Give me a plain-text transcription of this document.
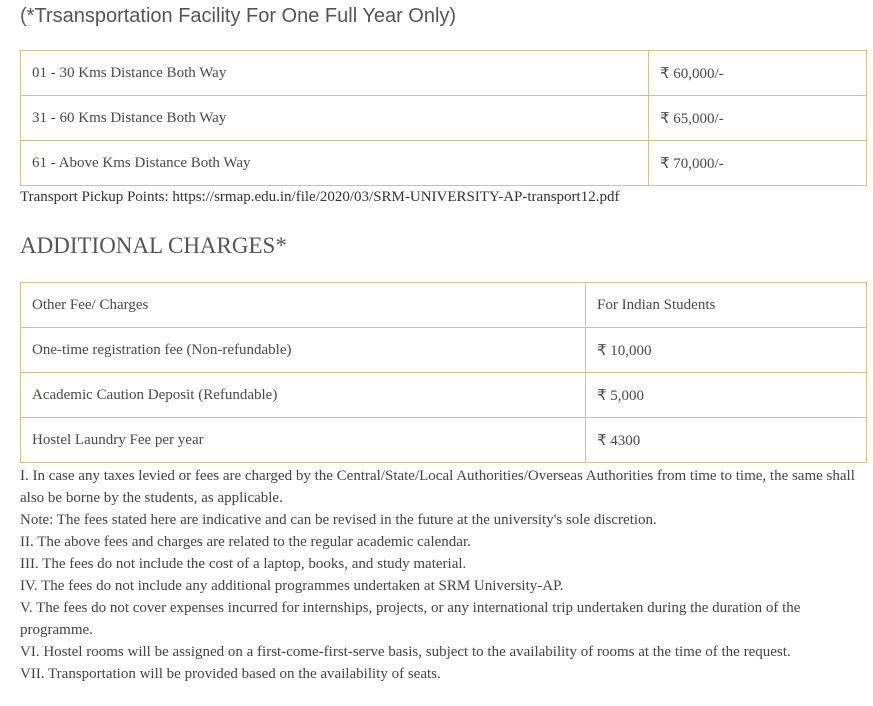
(*Trsansportation Facility For One Full Year Only)
01 - 30 Kms Distance Both Way	₹ 60,000/-
31 - 60 Kms Distance Both Way	₹ 65,000/-
61 - Above Kms Distance Both Way	₹ 70,000/-
Transport Pickup Points: https://srmap.edu.in/file/2020/03/SRM-UNIVERSITY-AP-transport12.pdf
ADDITIONAL CHARGES*
Other Fee/ Charges	For Indian Students
One-time registration fee (Non-refundable)	₹ 10,000
Academic Caution Deposit (Refundable)	₹ 5,000
Hostel Laundry Fee per year	₹ 4300

I. In case any taxes levied or fees are charged by the Central/State/Local Authorities/Overseas Authorities from time to time, the same shall also be borne by the students, as applicable.

Note: The fees stated here are indicative and can be revised in the future at the university's sole discretion.

II. The above fees and charges are related to the regular academic calendar.

III. The fees do not include the cost of a laptop, books, and study material.

IV. The fees do not include any additional programmes undertaken at SRM University-AP.

V. The fees do not cover expenses incurred for internships, projects, or any international trip undertaken during the duration of the programme.

VI. Hostel rooms will be assigned on a first-come-first-serve basis, subject to the availability of rooms at the time of the request.

VII. Transportation will be provided based on the availability of seats.
